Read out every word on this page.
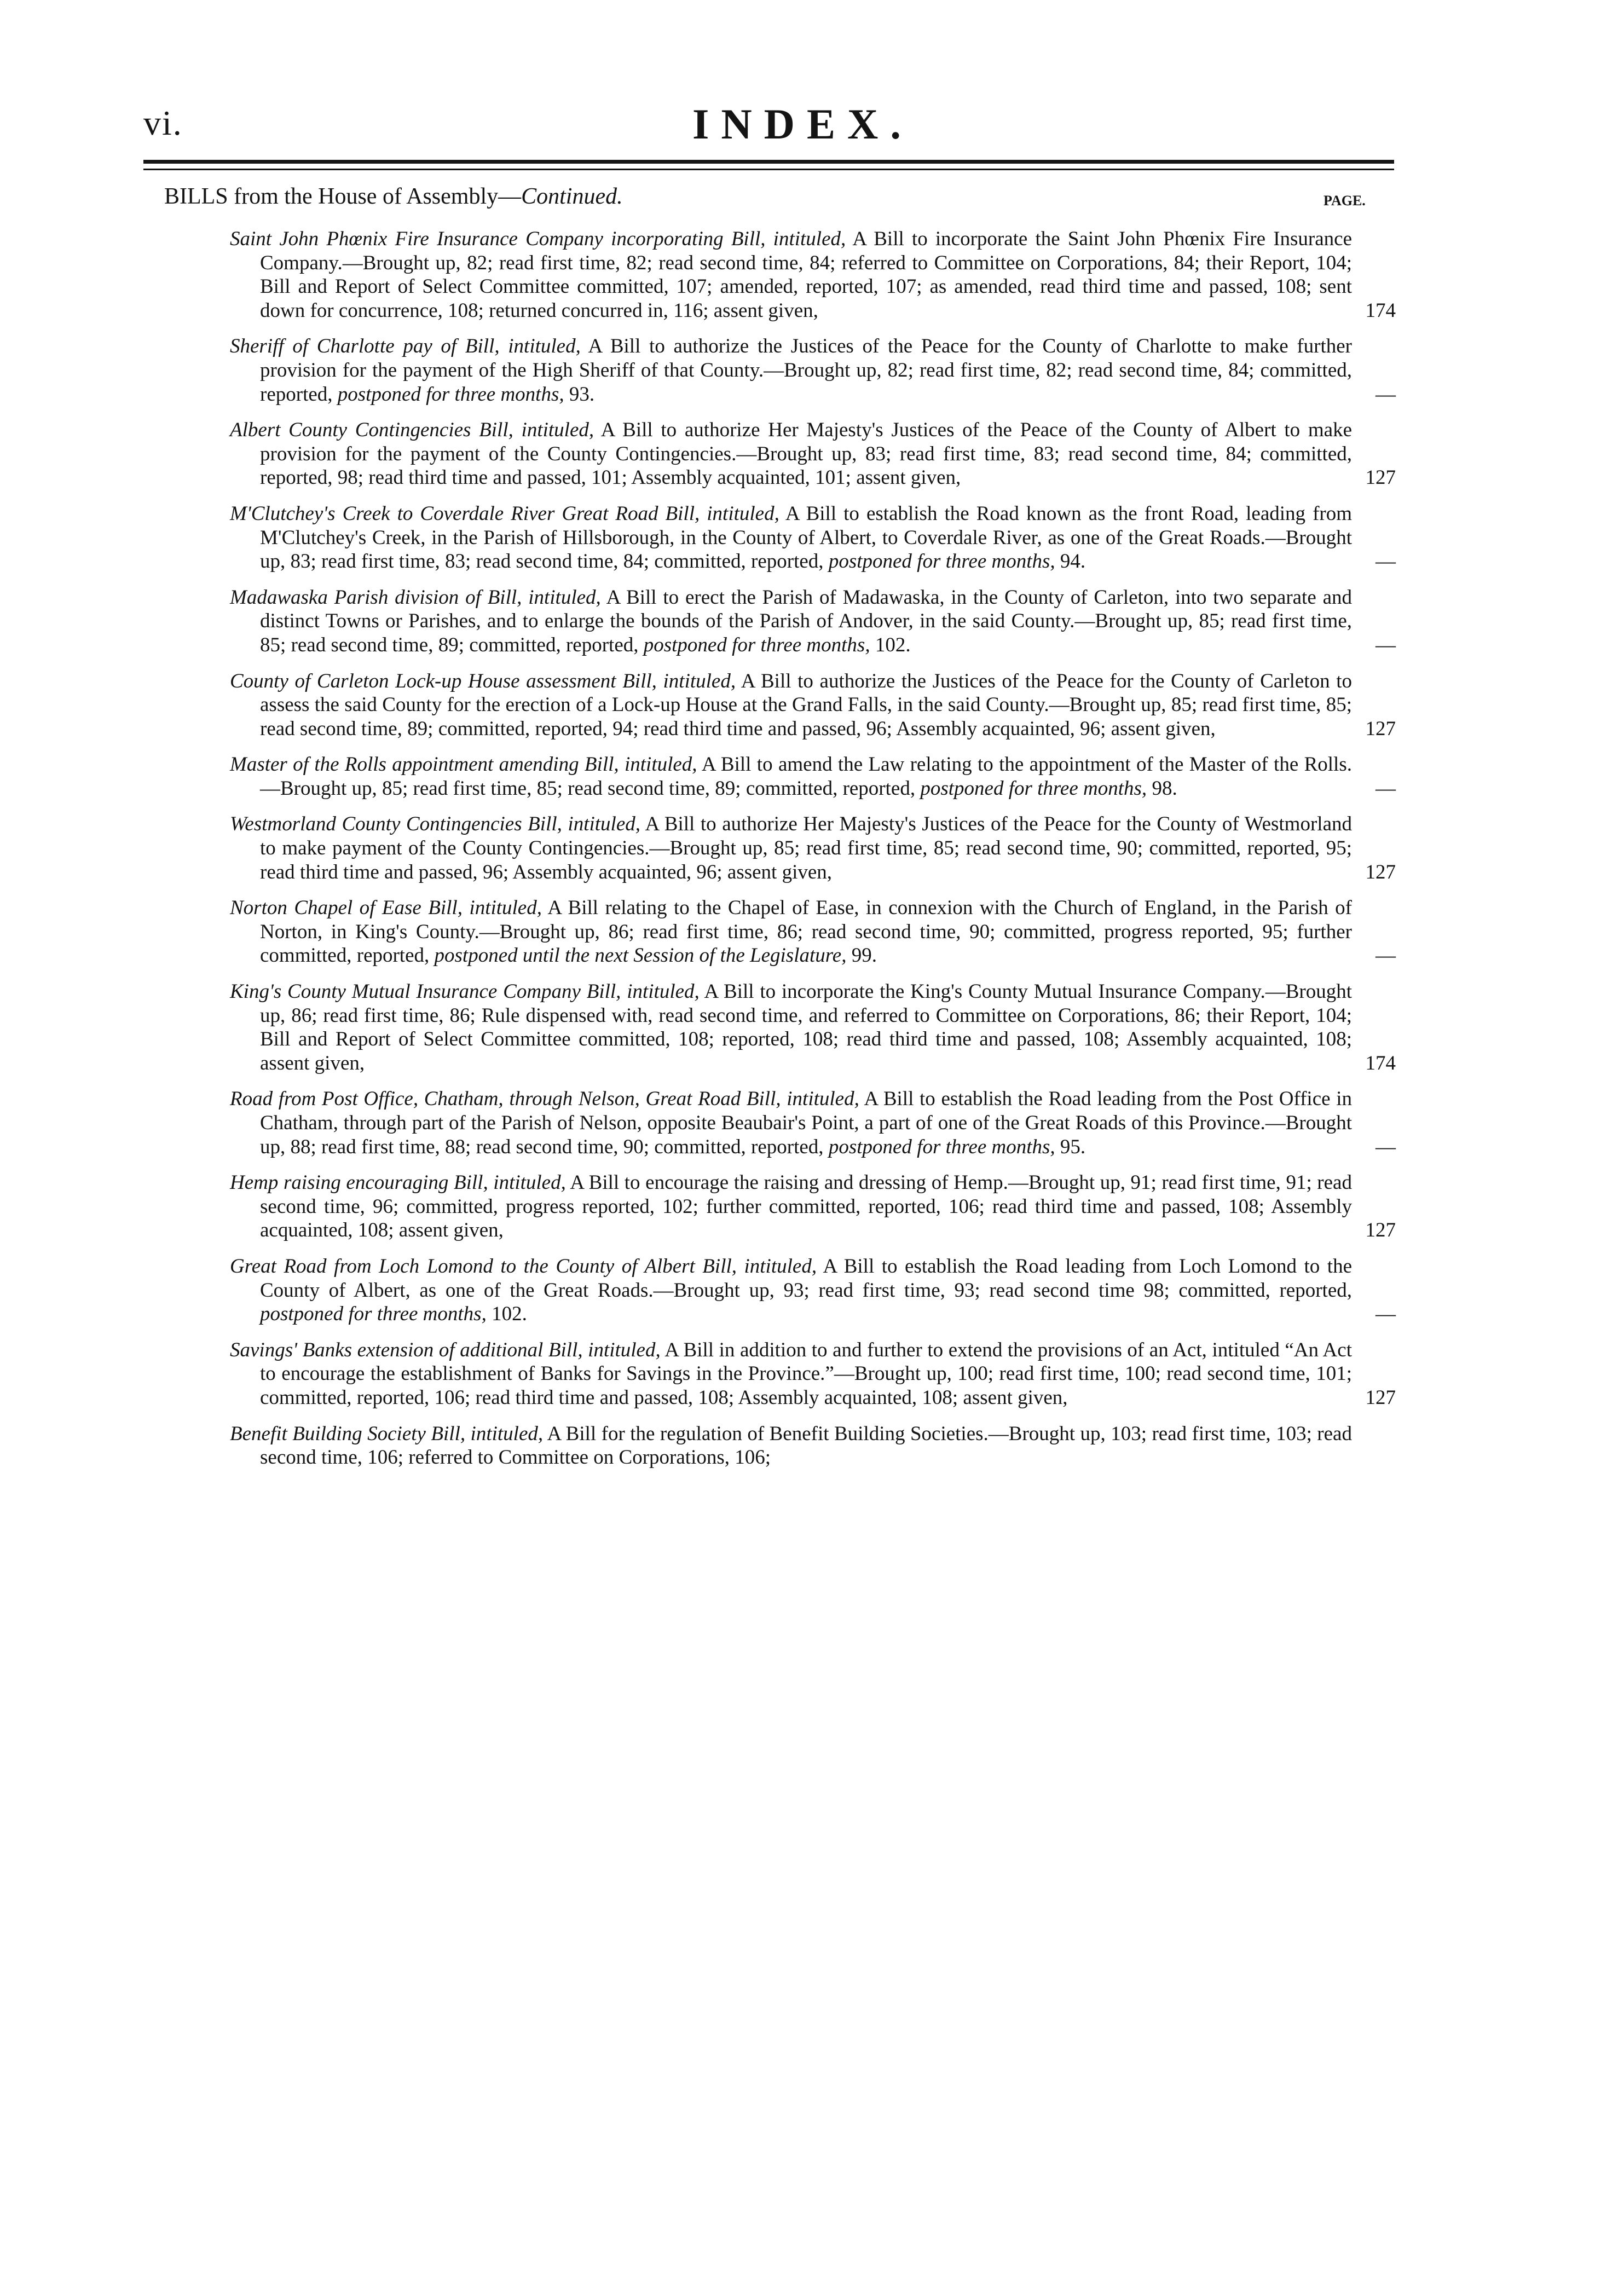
vi.	INDEX.
BILLS from the House of Assembly—Continued.	PAGE.
Saint John Phœnix Fire Insurance Company incorporating Bill, intituled, A Bill to incorporate the Saint John Phœnix Fire Insurance Company.—Brought up, 82; read first time, 82; read second time, 84; referred to Committee on Corporations, 84; their Report, 104; Bill and Report of Select Committee committed, 107; amended, reported, 107; as amended, read third time and passed, 108; sent down for concurrence, 108; returned concurred in, 116; assent given,	174
Sheriff of Charlotte pay of Bill, intituled, A Bill to authorize the Justices of the Peace for the County of Charlotte to make further provision for the payment of the High Sheriff of that County.—Brought up, 82; read first time, 82; read second time, 84; committed, reported, postponed for three months, 93.	—
Albert County Contingencies Bill, intituled, A Bill to authorize Her Majesty's Justices of the Peace of the County of Albert to make provision for the payment of the County Contingencies.—Brought up, 83; read first time, 83; read second time, 84; committed, reported, 98; read third time and passed, 101; Assembly acquainted, 101; assent given,	127
M'Clutchey's Creek to Coverdale River Great Road Bill, intituled, A Bill to establish the Road known as the front Road, leading from M'Clutchey's Creek, in the Parish of Hillsborough, in the County of Albert, to Coverdale River, as one of the Great Roads.—Brought up, 83; read first time, 83; read second time, 84; committed, reported, postponed for three months, 94.	—
Madawaska Parish division of Bill, intituled, A Bill to erect the Parish of Madawaska, in the County of Carleton, into two separate and distinct Towns or Parishes, and to enlarge the bounds of the Parish of Andover, in the said County.—Brought up, 85; read first time, 85; read second time, 89; committed, reported, postponed for three months, 102.	—
County of Carleton Lock-up House assessment Bill, intituled, A Bill to authorize the Justices of the Peace for the County of Carleton to assess the said County for the erection of a Lock-up House at the Grand Falls, in the said County.—Brought up, 85; read first time, 85; read second time, 89; committed, reported, 94; read third time and passed, 96; Assembly acquainted, 96; assent given,	127
Master of the Rolls appointment amending Bill, intituled, A Bill to amend the Law relating to the appointment of the Master of the Rolls.—Brought up, 85; read first time, 85; read second time, 89; committed, reported, postponed for three months, 98.	—
Westmorland County Contingencies Bill, intituled, A Bill to authorize Her Majesty's Justices of the Peace for the County of Westmorland to make payment of the County Contingencies.—Brought up, 85; read first time, 85; read second time, 90; committed, reported, 95; read third time and passed, 96; Assembly acquainted, 96; assent given,	127
Norton Chapel of Ease Bill, intituled, A Bill relating to the Chapel of Ease, in connexion with the Church of England, in the Parish of Norton, in King's County.—Brought up, 86; read first time, 86; read second time, 90; committed, progress reported, 95; further committed, reported, postponed until the next Session of the Legislature, 99.	—
King's County Mutual Insurance Company Bill, intituled, A Bill to incorporate the King's County Mutual Insurance Company.—Brought up, 86; read first time, 86; Rule dispensed with, read second time, and referred to Committee on Corporations, 86; their Report, 104; Bill and Report of Select Committee committed, 108; reported, 108; read third time and passed, 108; Assembly acquainted, 108; assent given,	174
Road from Post Office, Chatham, through Nelson, Great Road Bill, intituled, A Bill to establish the Road leading from the Post Office in Chatham, through part of the Parish of Nelson, opposite Beaubair's Point, a part of one of the Great Roads of this Province.—Brought up, 88; read first time, 88; read second time, 90; committed, reported, postponed for three months, 95.	—
Hemp raising encouraging Bill, intituled, A Bill to encourage the raising and dressing of Hemp.—Brought up, 91; read first time, 91; read second time, 96; committed, progress reported, 102; further committed, reported, 106; read third time and passed, 108; Assembly acquainted, 108; assent given,	127
Great Road from Loch Lomond to the County of Albert Bill, intituled, A Bill to establish the Road leading from Loch Lomond to the County of Albert, as one of the Great Roads.—Brought up, 93; read first time, 93; read second time 98; committed, reported, postponed for three months, 102.	—
Savings' Banks extension of additional Bill, intituled, A Bill in addition to and further to extend the provisions of an Act, intituled “An Act to encourage the establishment of Banks for Savings in the Province.”—Brought up, 100; read first time, 100; read second time, 101; committed, reported, 106; read third time and passed, 108; Assembly acquainted, 108; assent given,	127
Benefit Building Society Bill, intituled, A Bill for the regulation of Benefit Building Societies.—Brought up, 103; read first time, 103; read second time, 106; referred to Committee on Corporations, 106;
